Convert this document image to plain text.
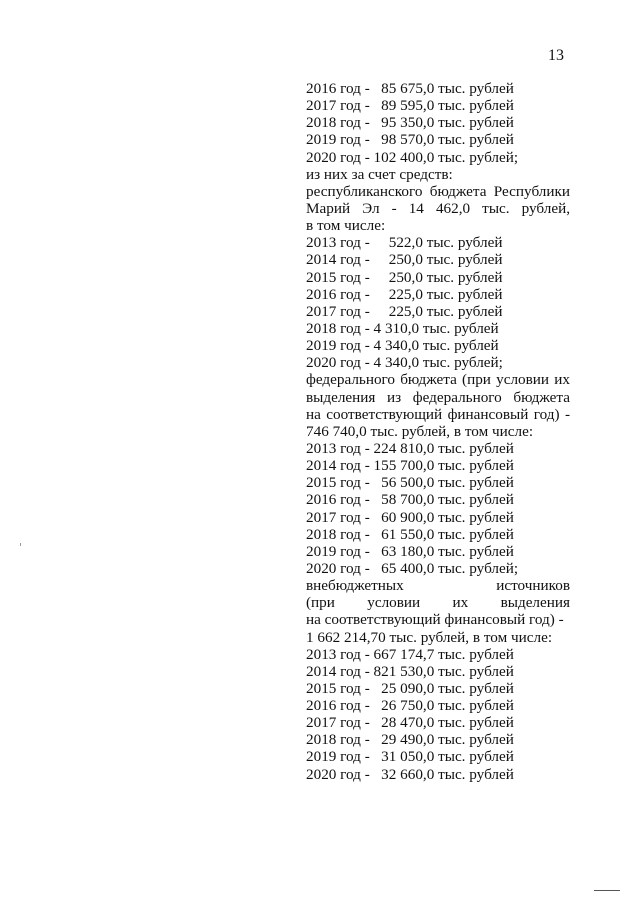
13
2016 год -   85 675,0 тыс. рублей
2017 год -   89 595,0 тыс. рублей
2018 год -   95 350,0 тыс. рублей
2019 год -   98 570,0 тыс. рублей
2020 год - 102 400,0 тыс. рублей;
из них за счет средств:
республиканского бюджета Республики
Марий Эл - 14 462,0 тыс. рублей,
в том числе:
2013 год -     522,0 тыс. рублей
2014 год -     250,0 тыс. рублей
2015 год -     250,0 тыс. рублей
2016 год -     225,0 тыс. рублей
2017 год -     225,0 тыс. рублей
2018 год - 4 310,0 тыс. рублей
2019 год - 4 340,0 тыс. рублей
2020 год - 4 340,0 тыс. рублей;
федерального бюджета (при условии их
выделения из федерального бюджета
на соответствующий финансовый год) -
746 740,0 тыс. рублей, в том числе:
2013 год - 224 810,0 тыс. рублей
2014 год - 155 700,0 тыс. рублей
2015 год -   56 500,0 тыс. рублей
2016 год -   58 700,0 тыс. рублей
2017 год -   60 900,0 тыс. рублей
2018 год -   61 550,0 тыс. рублей
2019 год -   63 180,0 тыс. рублей
2020 год -   65 400,0 тыс. рублей;
внебюджетных источников
(при условии их выделения
на соответствующий финансовый год) -
1 662 214,70 тыс. рублей, в том числе:
2013 год - 667 174,7 тыс. рублей
2014 год - 821 530,0 тыс. рублей
2015 год -   25 090,0 тыс. рублей
2016 год -   26 750,0 тыс. рублей
2017 год -   28 470,0 тыс. рублей
2018 год -   29 490,0 тыс. рублей
2019 год -   31 050,0 тыс. рублей
2020 год -   32 660,0 тыс. рублей
